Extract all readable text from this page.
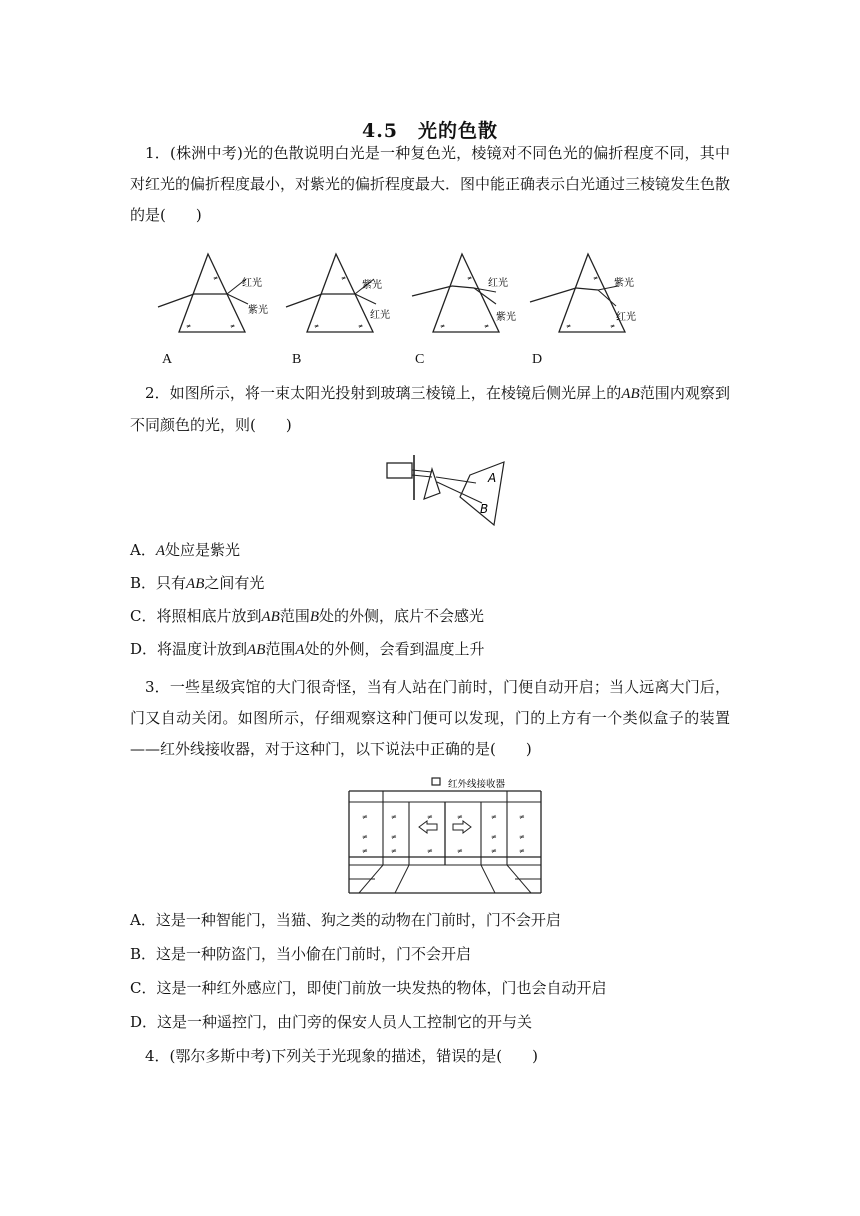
4.5　光的色散

1．(株洲中考)光的色散说明白光是一种复色光，棱镜对不同色光的偏折程度不同，其中对红光的偏折程度最小，对紫光的偏折程度最大．图中能正确表示白光通过三棱镜发生色散的是(　　)

≠
≠	≠
红光
紫光
≠
≠	≠
紫光
红光
≠
≠	≠
红光
紫光
≠
≠	≠
紫光
红光
A	B	C	D

2．如图所示，将一束太阳光投射到玻璃三棱镜上，在棱镜后侧光屏上的AB范围内观察到不同颜色的光，则(　　)

A
B
A．A处应是紫光
B．只有AB之间有光
C．将照相底片放到AB范围B处的外侧，底片不会感光
D．将温度计放到AB范围A处的外侧，会看到温度上升

3．一些星级宾馆的大门很奇怪，当有人站在门前时，门便自动开启；当人远离大门后，门又自动关闭。如图所示，仔细观察这种门便可以发现，门的上方有一个类似盒子的装置——红外线接收器，对于这种门，以下说法中正确的是(　　)

红外线接收器
≠
≠
≠
≠
≠
≠
≠
≠
≠
≠
≠
≠
≠
≠
≠
≠
A．这是一种智能门，当猫、狗之类的动物在门前时，门不会开启
B．这是一种防盗门，当小偷在门前时，门不会开启
C．这是一种红外感应门，即使门前放一块发热的物体，门也会自动开启
D．这是一种遥控门，由门旁的保安人员人工控制它的开与关
4．(鄂尔多斯中考)下列关于光现象的描述，错误的是(　　)
